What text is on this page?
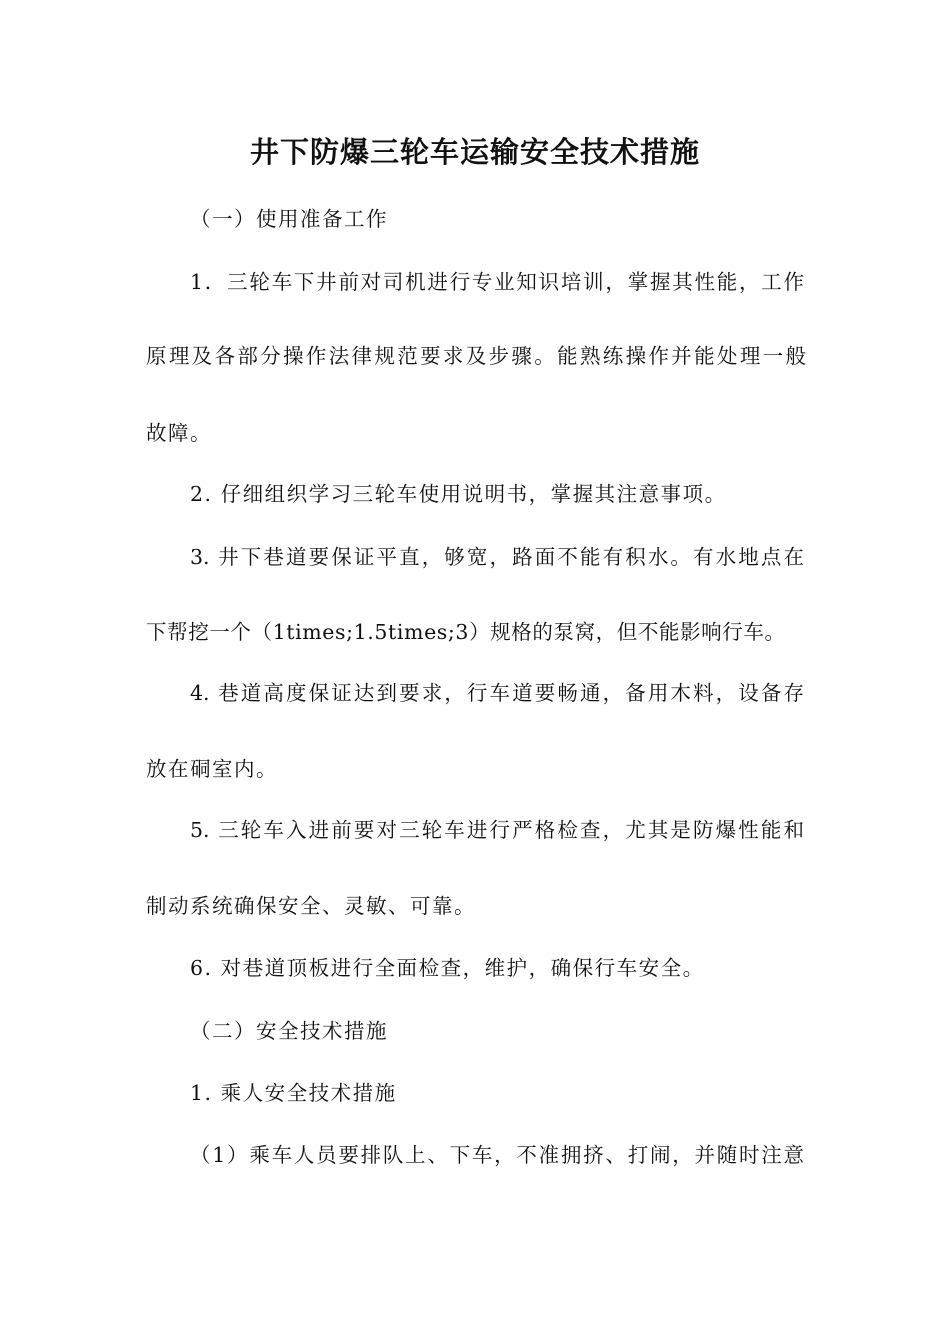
井下防爆三轮车运输安全技术措施
（一）使用准备工作
1．三轮车下井前对司机进行专业知识培训，掌握其性能，工作
原理及各部分操作法律规范要求及步骤。能熟练操作并能处理一般
故障。
2. 仔细组织学习三轮车使用说明书，掌握其注意事项。
3. 井下巷道要保证平直，够宽，路面不能有积水。有水地点在
下帮挖一个（1times;1.5times;3）规格的泵窝，但不能影响行车。
4. 巷道高度保证达到要求，行车道要畅通，备用木料，设备存
放在硐室内。
5. 三轮车入进前要对三轮车进行严格检查，尤其是防爆性能和
制动系统确保安全、灵敏、可靠。
6. 对巷道顶板进行全面检查，维护，确保行车安全。
（二）安全技术措施
1. 乘人安全技术措施
（1）乘车人员要排队上、下车，不准拥挤、打闹，并随时注意
